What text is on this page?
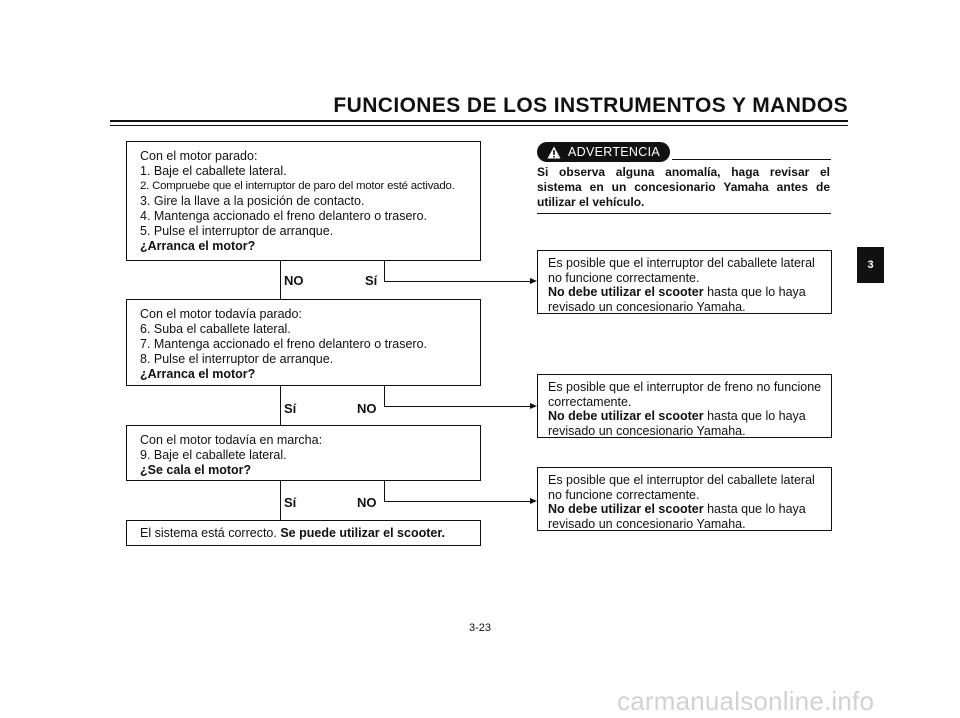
FUNCIONES DE LOS INSTRUMENTOS Y MANDOS
3
Con el motor parado:
1. Baje el caballete lateral.
2. Compruebe que el interruptor de paro del motor esté activado.
3. Gire la llave a la posición de contacto.
4. Mantenga accionado el freno delantero o trasero.
5. Pulse el interruptor de arranque.
¿Arranca el motor?
NO	Sí
Con el motor todavía parado:
6. Suba el caballete lateral.
7. Mantenga accionado el freno delantero o trasero.
8. Pulse el interruptor de arranque.
¿Arranca el motor?
Sí	NO
Con el motor todavía en marcha:
9. Baje el caballete lateral.
¿Se cala el motor?
Sí	NO
El sistema está correcto. Se puede utilizar el scooter.
ADVERTENCIA
Si observa alguna anomalía, haga revisar el
sistema en un concesionario Yamaha antes de
utilizar el vehículo.
Es posible que el interruptor del caballete lateral
no funcione correctamente.
No debe utilizar el scooter hasta que lo haya
revisado un concesionario Yamaha.
Es posible que el interruptor de freno no funcione
correctamente.
No debe utilizar el scooter hasta que lo haya
revisado un concesionario Yamaha.
Es posible que el interruptor del caballete lateral
no funcione correctamente.
No debe utilizar el scooter hasta que lo haya
revisado un concesionario Yamaha.
3-23
carmanualsonline.info
